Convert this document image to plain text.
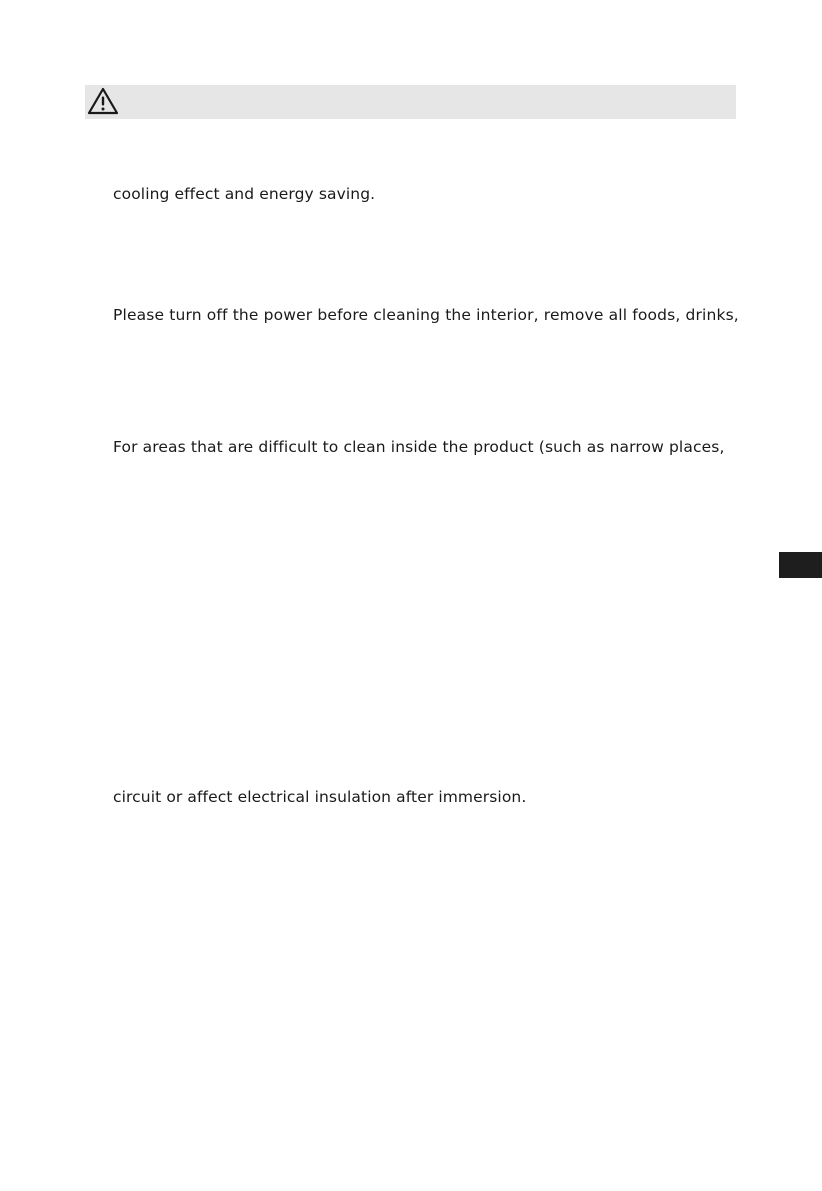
cooling effect and energy saving.
Please turn off the power before cleaning the interior, remove all foods, drinks,
For areas that are difficult to clean inside the product (such as narrow places,
circuit or affect electrical insulation after immersion.
